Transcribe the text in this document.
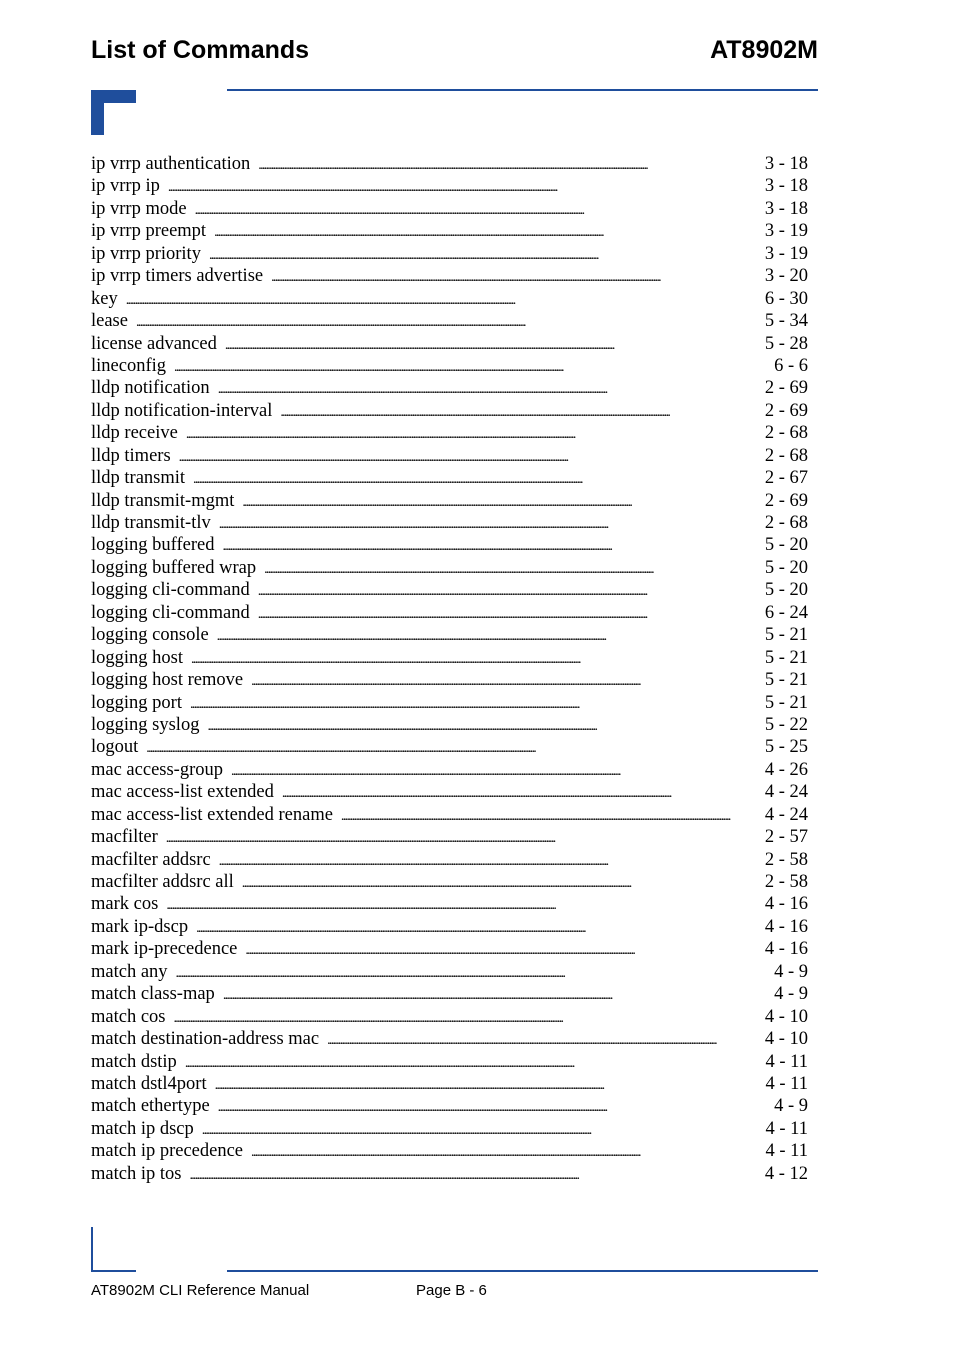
List of Commands	AT8902M
ip vrrp authentication . . .	3 - 18
ip vrrp ip . . .	3 - 18
ip vrrp mode . . .	3 - 18
ip vrrp preempt . . .	3 - 19
ip vrrp priority . . .	3 - 19
ip vrrp timers advertise . . .	3 - 20
key . . .	6 - 30
lease . . .	5 - 34
license advanced . . .	5 - 28
lineconfig . . .	6 - 6
lldp notification . . .	2 - 69
lldp notification-interval . . .	2 - 69
lldp receive . . .	2 - 68
lldp timers . . .	2 - 68
lldp transmit . . .	2 - 67
lldp transmit-mgmt . . .	2 - 69
lldp transmit-tlv . . .	2 - 68
logging buffered . . .	5 - 20
logging buffered wrap . . .	5 - 20
logging cli-command . . .	5 - 20
logging cli-command . . .	6 - 24
logging console . . .	5 - 21
logging host . . .	5 - 21
logging host remove . . .	5 - 21
logging port . . .	5 - 21
logging syslog . . .	5 - 22
logout . . .	5 - 25
mac access-group . . .	4 - 26
mac access-list extended . . .	4 - 24
mac access-list extended rename . . .	4 - 24
macfilter . . .	2 - 57
macfilter addsrc . . .	2 - 58
macfilter addsrc all . . .	2 - 58
mark cos . . .	4 - 16
mark ip-dscp . . .	4 - 16
mark ip-precedence . . .	4 - 16
match any . . .	4 - 9
match class-map . . .	4 - 9
match cos . . .	4 - 10
match destination-address mac . . .	4 - 10
match dstip . . .	4 - 11
match dstl4port . . .	4 - 11
match ethertype . . .	4 - 9
match ip dscp . . .	4 - 11
match ip precedence . . .	4 - 11
match ip tos . . .	4 - 12
AT8902M CLI Reference Manual	Page B - 6
